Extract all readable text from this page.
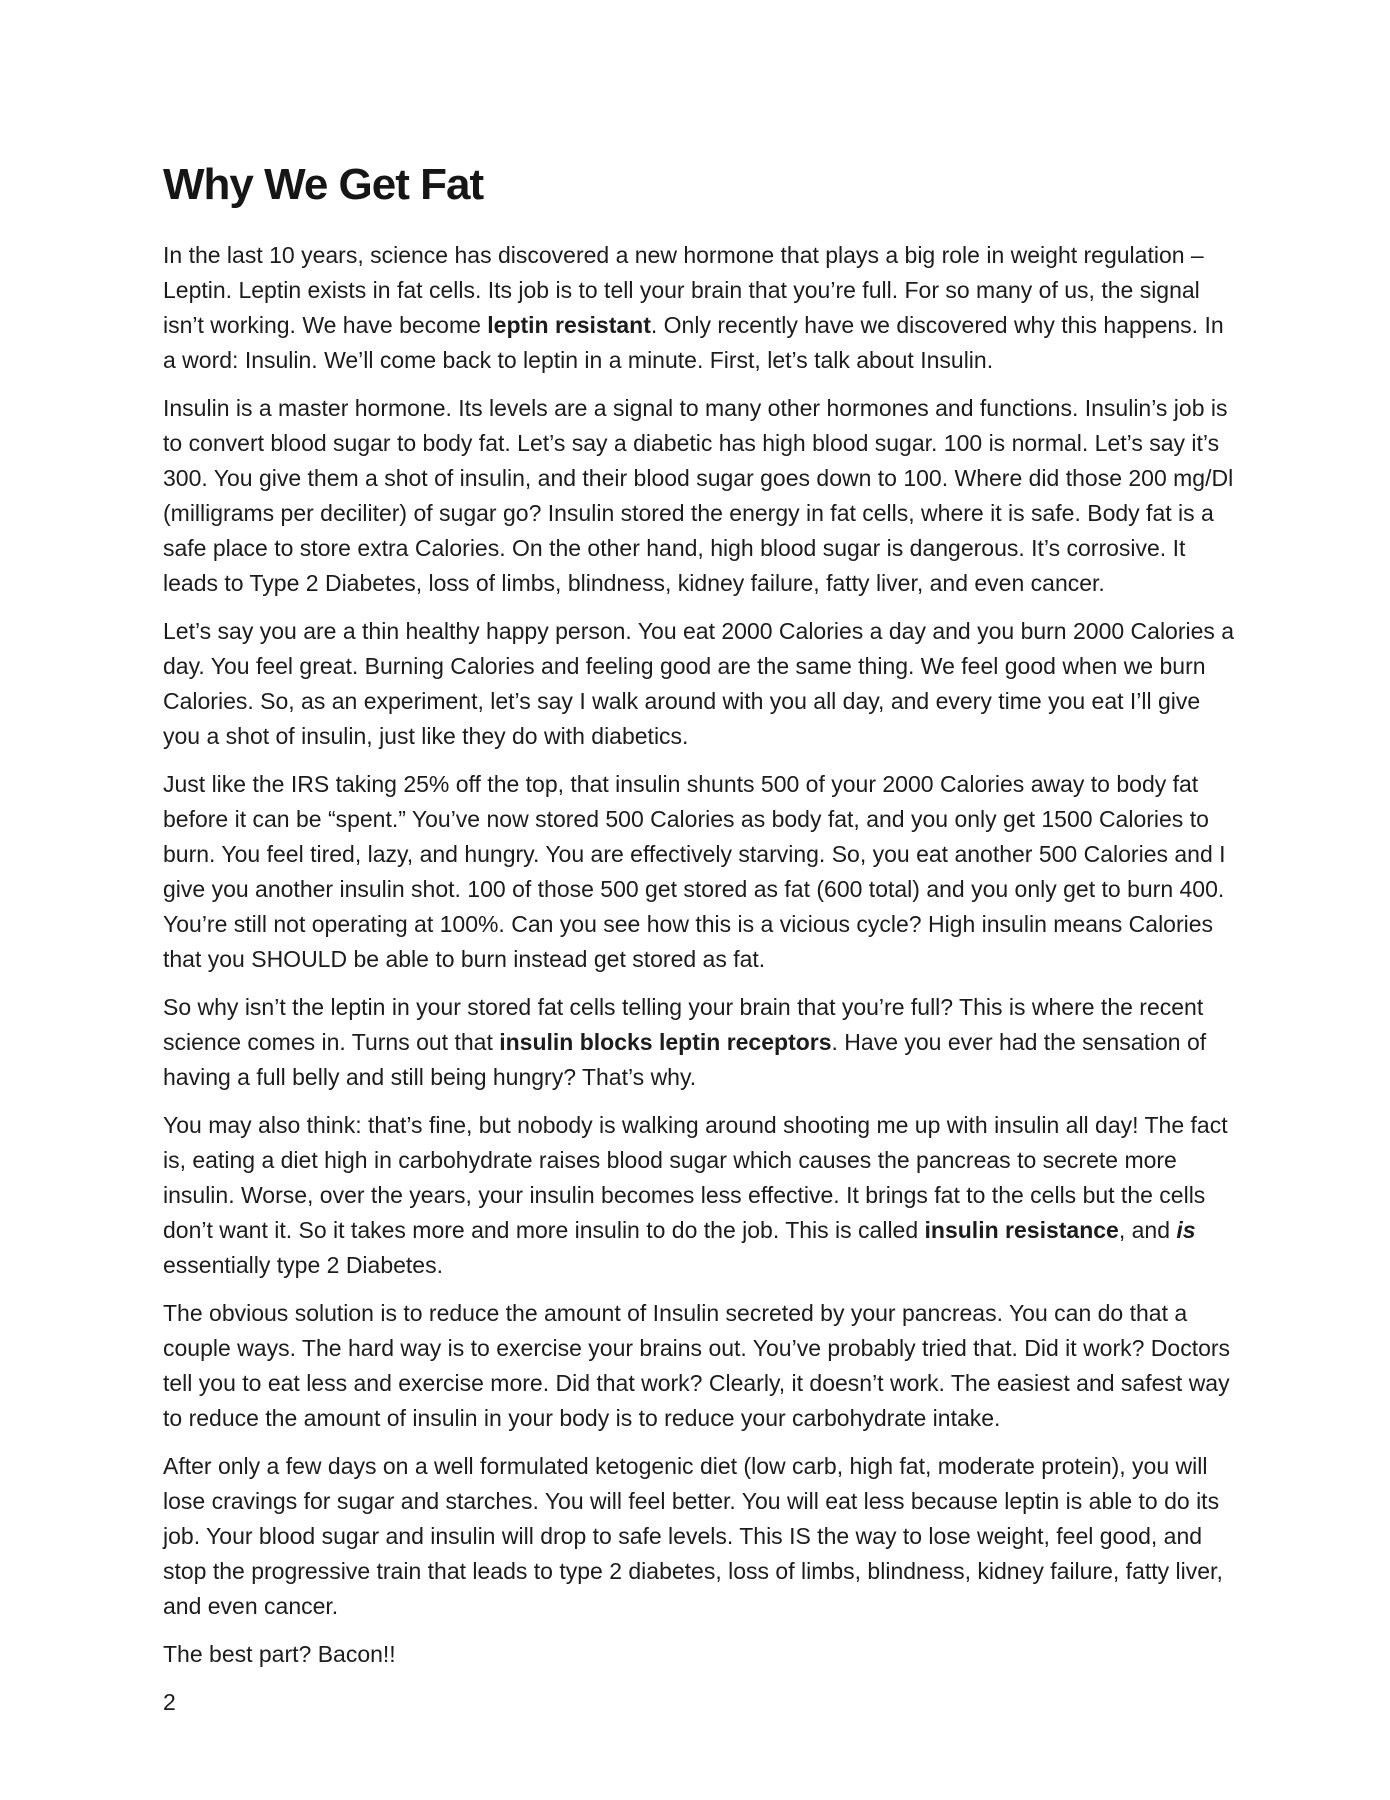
Why We Get Fat

In the last 10 years, science has discovered a new hormone that plays a big role in weight regulation – Leptin. Leptin exists in fat cells. Its job is to tell your brain that you’re full. For so many of us, the signal isn’t working. We have become leptin resistant. Only recently have we discovered why this happens. In a word: Insulin. We’ll come back to leptin in a minute. First, let’s talk about Insulin.

Insulin is a master hormone. Its levels are a signal to many other hormones and functions. Insulin’s job is to convert blood sugar to body fat. Let’s say a diabetic has high blood sugar. 100 is normal. Let’s say it’s 300. You give them a shot of insulin, and their blood sugar goes down to 100. Where did those 200 mg/Dl (milligrams per deciliter) of sugar go? Insulin stored the energy in fat cells, where it is safe. Body fat is a safe place to store extra Calories. On the other hand, high blood sugar is dangerous. It’s corrosive. It leads to Type 2 Diabetes, loss of limbs, blindness, kidney failure, fatty liver, and even cancer.

Let’s say you are a thin healthy happy person. You eat 2000 Calories a day and you burn 2000 Calories a day. You feel great. Burning Calories and feeling good are the same thing. We feel good when we burn Calories. So, as an experiment, let’s say I walk around with you all day, and every time you eat I’ll give you a shot of insulin, just like they do with diabetics.

Just like the IRS taking 25% off the top, that insulin shunts 500 of your 2000 Calories away to body fat before it can be “spent.” You’ve now stored 500 Calories as body fat, and you only get 1500 Calories to burn. You feel tired, lazy, and hungry. You are effectively starving. So, you eat another 500 Calories and I give you another insulin shot. 100 of those 500 get stored as fat (600 total) and you only get to burn 400. You’re still not operating at 100%. Can you see how this is a vicious cycle? High insulin means Calories that you SHOULD be able to burn instead get stored as fat.

So why isn’t the leptin in your stored fat cells telling your brain that you’re full? This is where the recent science comes in. Turns out that insulin blocks leptin receptors. Have you ever had the sensation of having a full belly and still being hungry? That’s why.

You may also think: that’s fine, but nobody is walking around shooting me up with insulin all day! The fact is, eating a diet high in carbohydrate raises blood sugar which causes the pancreas to secrete more insulin. Worse, over the years, your insulin becomes less effective. It brings fat to the cells but the cells don’t want it. So it takes more and more insulin to do the job. This is called insulin resistance, and is essentially type 2 Diabetes.

The obvious solution is to reduce the amount of Insulin secreted by your pancreas. You can do that a couple ways. The hard way is to exercise your brains out. You’ve probably tried that. Did it work? Doctors tell you to eat less and exercise more. Did that work? Clearly, it doesn’t work. The easiest and safest way to reduce the amount of insulin in your body is to reduce your carbohydrate intake.

After only a few days on a well formulated ketogenic diet (low carb, high fat, moderate protein), you will lose cravings for sugar and starches. You will feel better. You will eat less because leptin is able to do its job. Your blood sugar and insulin will drop to safe levels. This IS the way to lose weight, feel good, and stop the progressive train that leads to type 2 diabetes, loss of limbs, blindness, kidney failure, fatty liver, and even cancer.

The best part? Bacon!!

2
